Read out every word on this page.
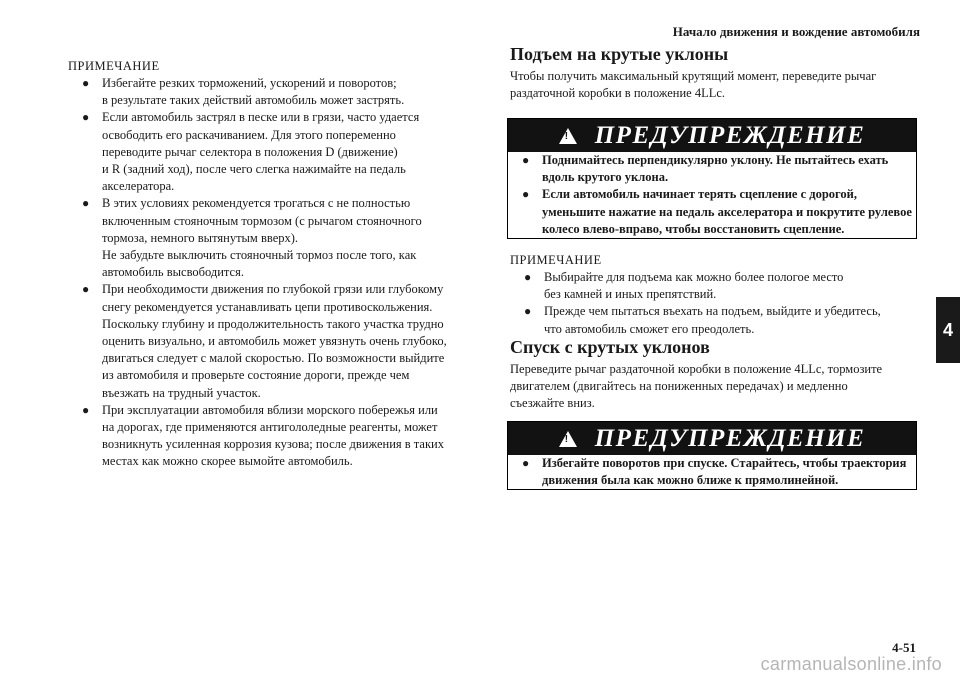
Начало движения и вождение автомобиля
ПРИМЕЧАНИЕ
● Избегайте резких торможений, ускорений и поворотов;
в результате таких действий автомобиль может застрять.
● Если автомобиль застрял в песке или в грязи, часто удается
освободить его раскачиванием. Для этого попеременно
переводите рычаг селектора в положения D (движение)
и R (задний ход), после чего слегка нажимайте на педаль
акселератора.
● В этих условиях рекомендуется трогаться с не полностью
включенным стояночным тормозом (с рычагом стояночного
тормоза, немного вытянутым вверх).
Не забудьте выключить стояночный тормоз после того, как
автомобиль высвободится.
● При необходимости движения по глубокой грязи или глубокому
снегу рекомендуется устанавливать цепи противоскольжения.
Поскольку глубину и продолжительность такого участка трудно
оценить визуально, и автомобиль может увязнуть очень глубоко,
двигаться следует с малой скоростью. По возможности выйдите
из автомобиля и проверьте состояние дороги, прежде чем
въезжать на трудный участок.
● При эксплуатации автомобиля вблизи морского побережья или
на дорогах, где применяются антигололедные реагенты, может
возникнуть усиленная коррозия кузова; после движения в таких
местах как можно скорее вымойте автомобиль.
Подъем на крутые уклоны
Чтобы получить максимальный крутящий момент, переведите рычаг
раздаточной коробки в положение 4LLc.
! ПРЕДУПРЕЖДЕНИЕ
● Поднимайтесь перпендикулярно уклону. Не пытайтесь ехать
вдоль крутого уклона.
● Если автомобиль начинает терять сцепление с дорогой,
уменьшите нажатие на педаль акселератора и покрутите рулевое
колесо влево-вправо, чтобы восстановить сцепление.
ПРИМЕЧАНИЕ
● Выбирайте для подъема как можно более пологое место
без камней и иных препятствий.
● Прежде чем пытаться въехать на подъем, выйдите и убедитесь,
что автомобиль сможет его преодолеть.
Спуск с крутых уклонов
Переведите рычаг раздаточной коробки в положение 4LLc, тормозите
двигателем (двигайтесь на пониженных передачах) и медленно
съезжайте вниз.
! ПРЕДУПРЕЖДЕНИЕ
● Избегайте поворотов при спуске. Старайтесь, чтобы траектория
движения была как можно ближе к прямолинейной.
4
4-51
carmanualsonline.info
